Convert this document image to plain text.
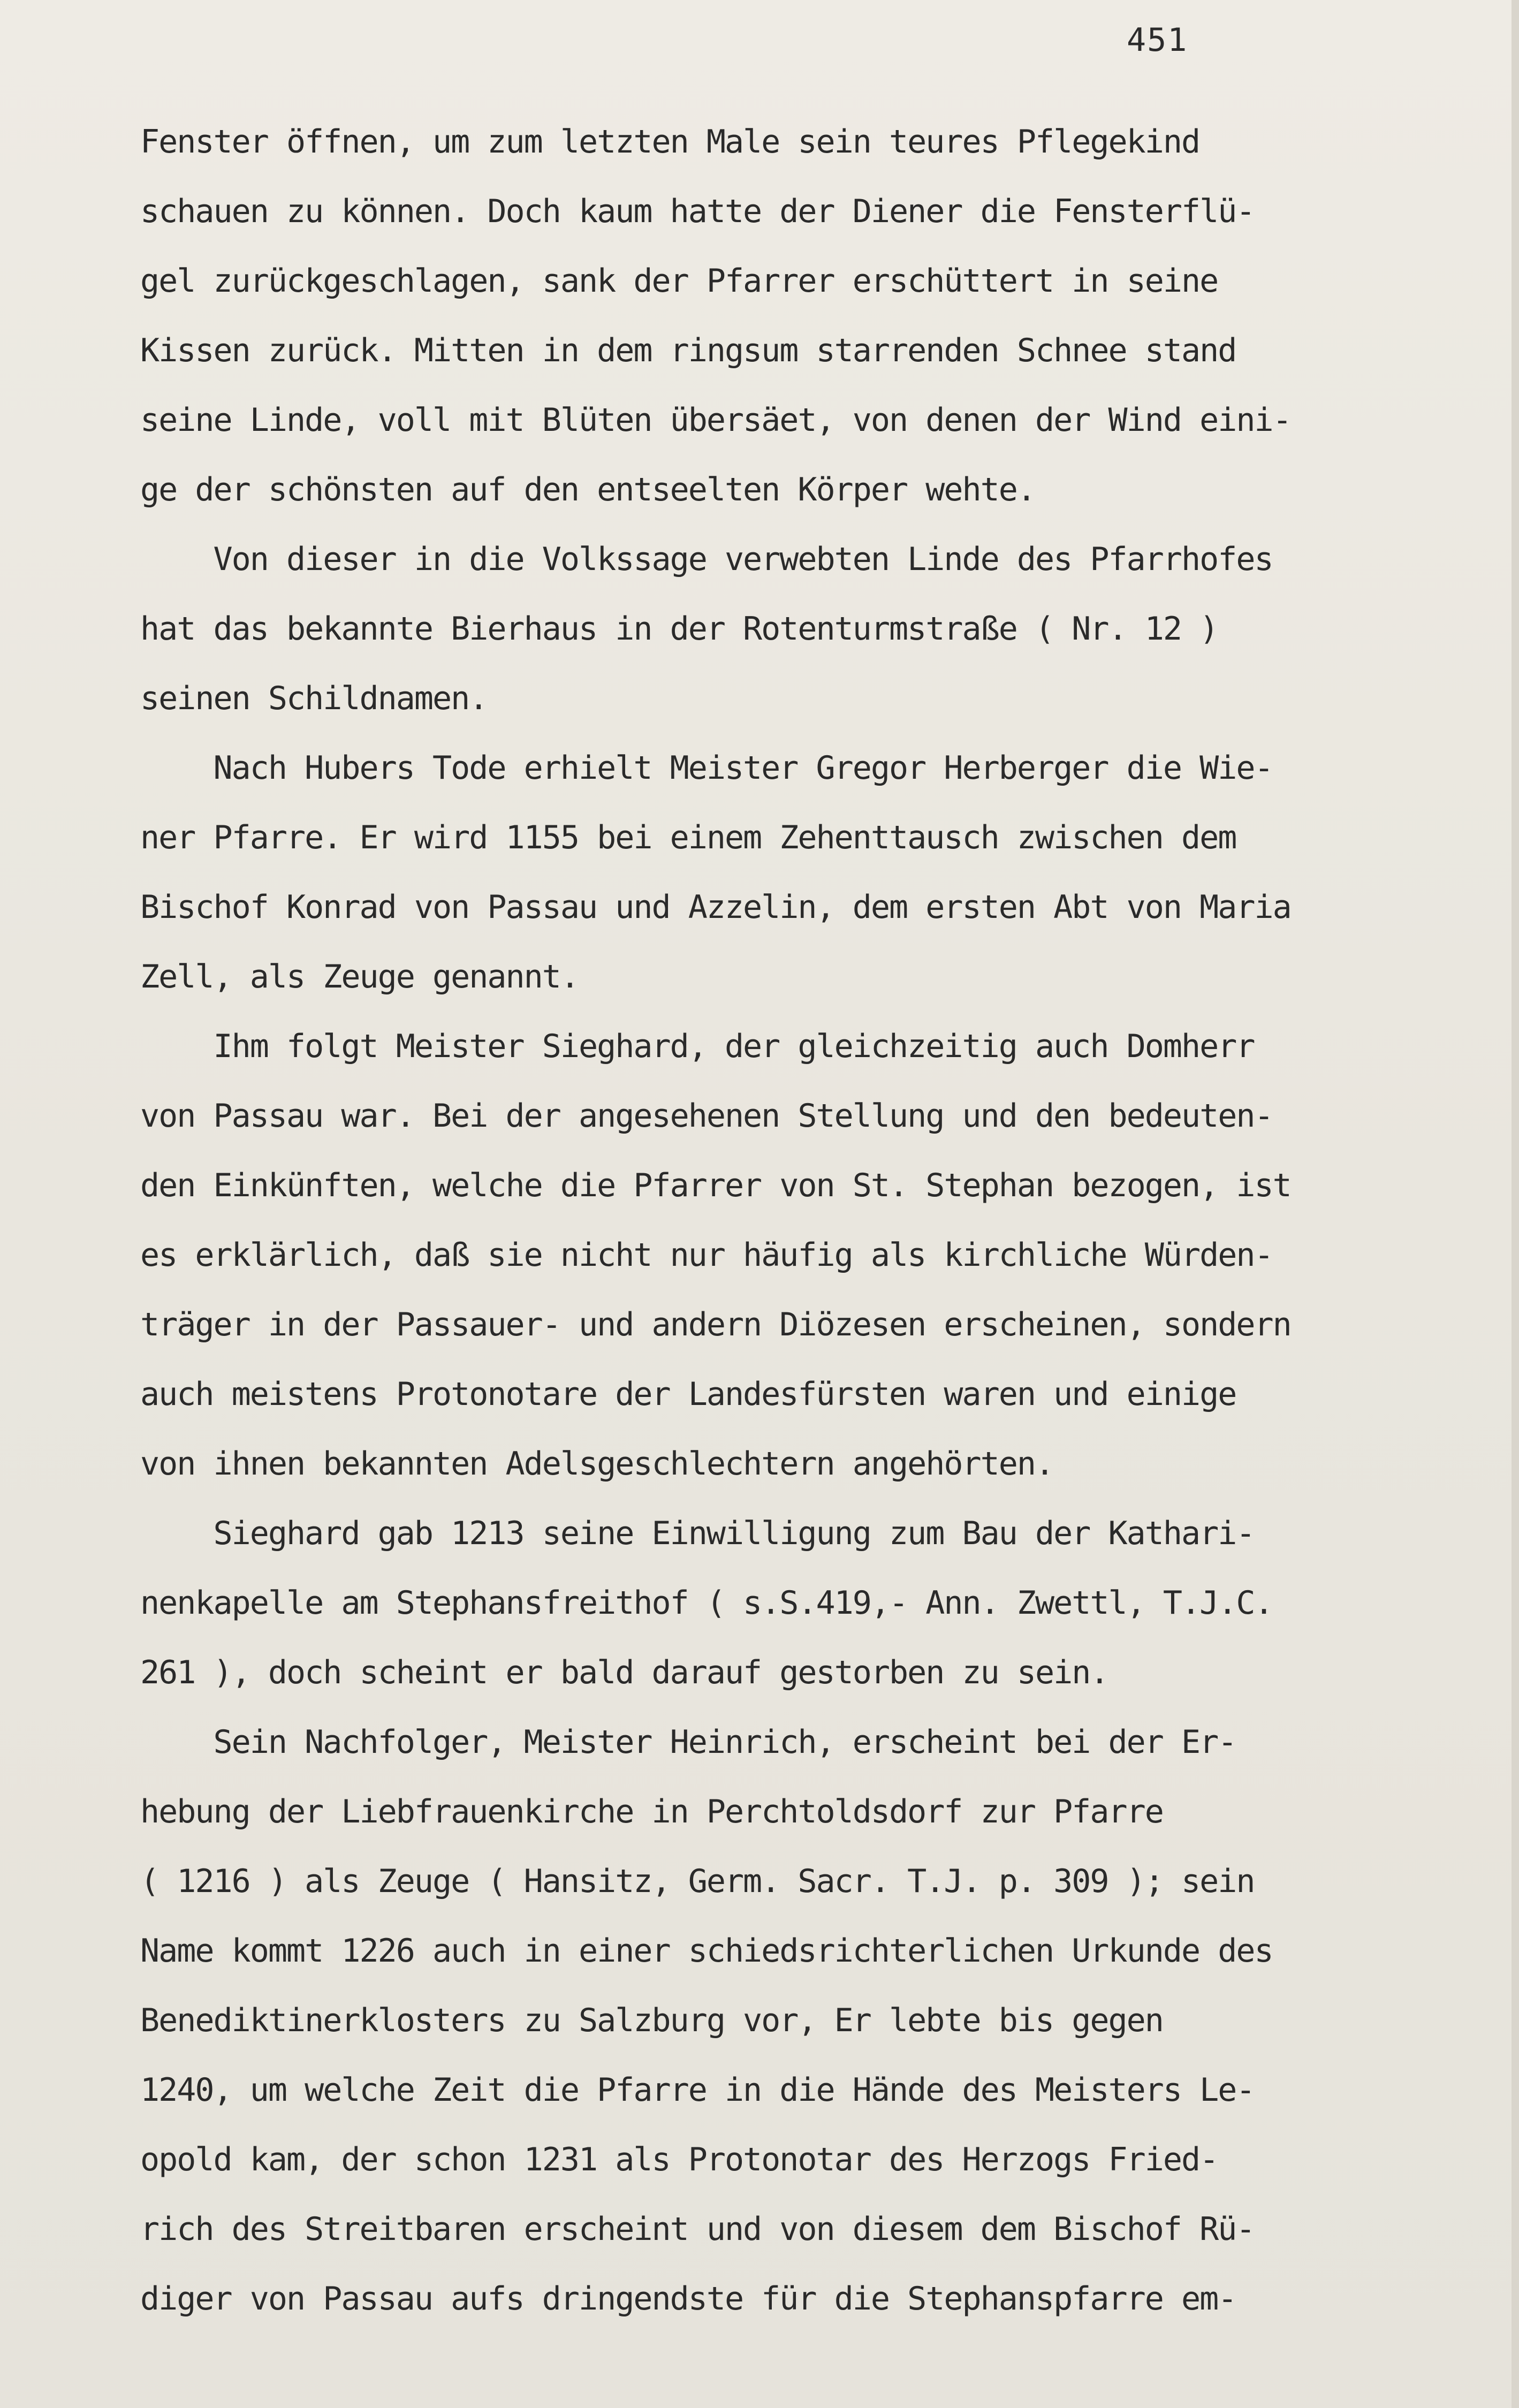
451
Fenster öffnen, um zum letzten Male sein teures Pflegekind
schauen zu können. Doch kaum hatte der Diener die Fensterflü-
gel zurückgeschlagen, sank der Pfarrer erschüttert in seine
Kissen zurück. Mitten in dem ringsum starrenden Schnee stand
seine Linde, voll mit Blüten übersäet, von denen der Wind eini-
ge der schönsten auf den entseelten Körper wehte.
Von dieser in die Volkssage verwebten Linde des Pfarrhofes
hat das bekannte Bierhaus in der Rotenturmstraße ( Nr. 12 )
seinen Schildnamen.
Nach Hubers Tode erhielt Meister Gregor Herberger die Wie-
ner Pfarre. Er wird 1155 bei einem Zehenttausch zwischen dem
Bischof Konrad von Passau und Azzelin, dem ersten Abt von Maria
Zell, als Zeuge genannt.
Ihm folgt Meister Sieghard, der gleichzeitig auch Domherr
von Passau war. Bei der angesehenen Stellung und den bedeuten-
den Einkünften, welche die Pfarrer von St. Stephan bezogen, ist
es erklärlich, daß sie nicht nur häufig als kirchliche Würden-
träger in der Passauer- und andern Diözesen erscheinen, sondern
auch meistens Protonotare der Landesfürsten waren und einige
von ihnen bekannten Adelsgeschlechtern angehörten.
Sieghard gab 1213 seine Einwilligung zum Bau der Kathari-
nenkapelle am Stephansfreithof ( s.S.419,- Ann. Zwettl, T.J.C.
261 ), doch scheint er bald darauf gestorben zu sein.
Sein Nachfolger, Meister Heinrich, erscheint bei der Er-
hebung der Liebfrauenkirche in Perchtoldsdorf zur Pfarre
( 1216 ) als Zeuge ( Hansitz, Germ. Sacr. T.J. p. 309 ); sein
Name kommt 1226 auch in einer schiedsrichterlichen Urkunde des
Benediktinerklosters zu Salzburg vor, Er lebte bis gegen
1240, um welche Zeit die Pfarre in die Hände des Meisters Le-
opold kam, der schon 1231 als Protonotar des Herzogs Fried-
rich des Streitbaren erscheint und von diesem dem Bischof Rü-
diger von Passau aufs dringendste für die Stephanspfarre em-
